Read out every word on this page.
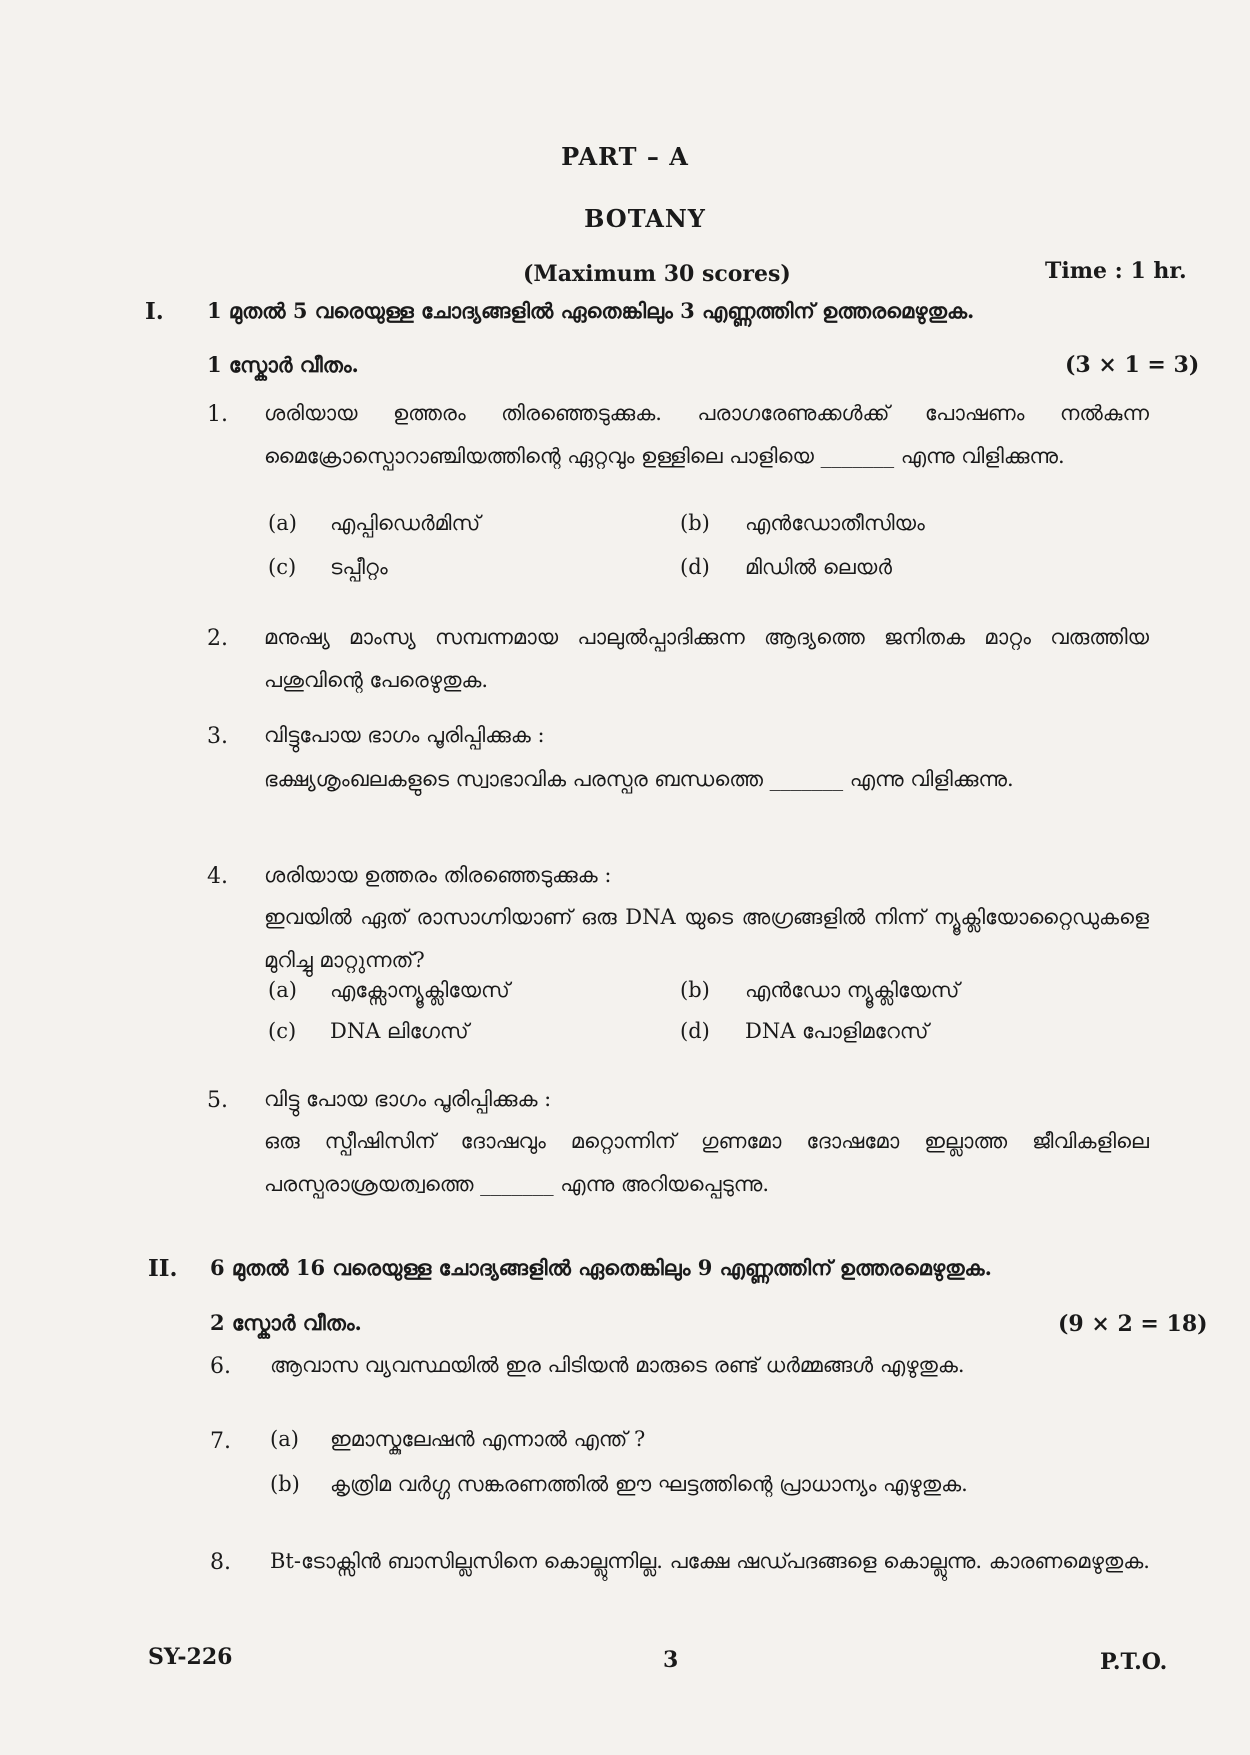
PART – A
BOTANY
(Maximum 30 scores)	Time : 1 hr.
I. 1 മുതൽ 5 വരെയുള്ള ചോദ്യങ്ങളിൽ ഏതെങ്കിലും 3 എണ്ണത്തിന് ഉത്തരമെഴുതുക.
1 സ്കോർ വീതം.	(3 × 1 = 3)
1. ശരിയായ ഉത്തരം തിരഞ്ഞെടുക്കുക. പരാഗരേണുക്കൾക്ക് പോഷണം നൽകുന്ന മൈക്രോസ്പൊറാഞ്ചിയത്തിന്റെ ഏറ്റവും ഉള്ളിലെ പാളിയെ _______ എന്നു വിളിക്കുന്നു.
(a) എപ്പിഡെർമിസ്	(b) എൻഡോതീസിയം
(c) ടപ്പീറ്റം	(d) മിഡിൽ ലെയർ
2. മനുഷ്യ മാംസ്യ സമ്പന്നമായ പാലുൽപ്പാദിക്കുന്ന ആദ്യത്തെ ജനിതക മാറ്റം വരുത്തിയ പശുവിന്റെ പേരെഴുതുക.
3. വിട്ടുപോയ ഭാഗം പൂരിപ്പിക്കുക :
ഭക്ഷ്യശൃംഖലകളുടെ സ്വാഭാവിക പരസ്പര ബന്ധത്തെ _______ എന്നു വിളിക്കുന്നു.
4. ശരിയായ ഉത്തരം തിരഞ്ഞെടുക്കുക :
ഇവയിൽ ഏത് രാസാഗ്നിയാണ് ഒരു DNA യുടെ അഗ്രങ്ങളിൽ നിന്ന് ന്യൂക്ലിയോറ്റൈഡുകളെ മുറിച്ചു മാറ്റുന്നത്?
(a) എക്സോന്യൂക്ലിയേസ്	(b) എൻഡോ ന്യൂക്ലിയേസ്
(c) DNA ലിഗേസ്	(d) DNA പോളിമറേസ്
5. വിട്ടു പോയ ഭാഗം പൂരിപ്പിക്കുക :
ഒരു സ്പീഷിസിന് ദോഷവും മറ്റൊന്നിന് ഗുണമോ ദോഷമോ ഇല്ലാത്ത ജീവികളിലെ പരസ്പരാശ്രയത്വത്തെ _______ എന്നു അറിയപ്പെടുന്നു.
II. 6 മുതൽ 16 വരെയുള്ള ചോദ്യങ്ങളിൽ ഏതെങ്കിലും 9 എണ്ണത്തിന് ഉത്തരമെഴുതുക.
2 സ്കോർ വീതം.	(9 × 2 = 18)
6. ആവാസ വ്യവസ്ഥയിൽ ഇര പിടിയൻ മാരുടെ രണ്ട് ധർമ്മങ്ങൾ എഴുതുക.
7. (a) ഇമാസ്കുലേഷൻ എന്നാൽ എന്ത് ?
(b) കൃത്രിമ വർഗ്ഗ സങ്കരണത്തിൽ ഈ ഘട്ടത്തിന്റെ പ്രാധാന്യം എഴുതുക.
8. Bt-ടോക്സിൻ ബാസില്ലസിനെ കൊല്ലുന്നില്ല. പക്ഷേ ഷഡ്പദങ്ങളെ കൊല്ലുന്നു. കാരണമെഴുതുക.
SY-226	3	P.T.O.
